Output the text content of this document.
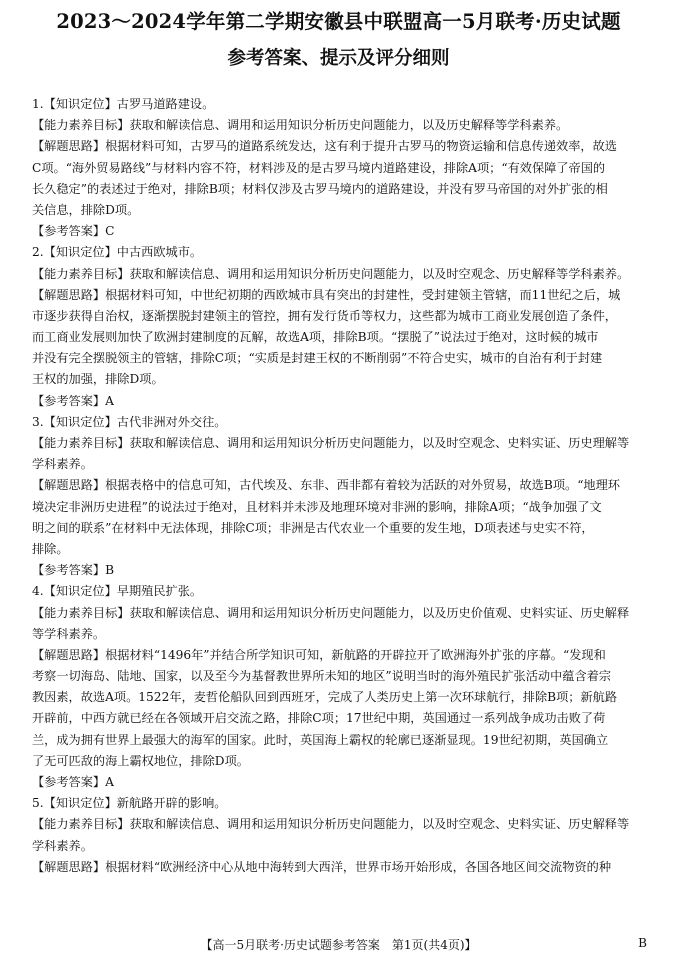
2023～2024学年第二学期安徽县中联盟高一5月联考·历史试题
参考答案、提示及评分细则
1.【知识定位】古罗马道路建设。
【能力素养目标】获取和解读信息、调用和运用知识分析历史问题能力，以及历史解释等学科素养。
【解题思路】根据材料可知，古罗马的道路系统发达，这有利于提升古罗马的物资运输和信息传递效率，故选
C项。“海外贸易路线”与材料内容不符，材料涉及的是古罗马境内道路建设，排除A项；“有效保障了帝国的
长久稳定”的表述过于绝对，排除B项；材料仅涉及古罗马境内的道路建设，并没有罗马帝国的对外扩张的相
关信息，排除D项。
【参考答案】C
2.【知识定位】中古西欧城市。
【能力素养目标】获取和解读信息、调用和运用知识分析历史问题能力，以及时空观念、历史解释等学科素养。
【解题思路】根据材料可知，中世纪初期的西欧城市具有突出的封建性，受封建领主管辖，而11世纪之后，城
市逐步获得自治权，逐渐摆脱封建领主的管控，拥有发行货币等权力，这些都为城市工商业发展创造了条件，
而工商业发展则加快了欧洲封建制度的瓦解，故选A项，排除B项。“摆脱了”说法过于绝对，这时候的城市
并没有完全摆脱领主的管辖，排除C项；“实质是封建王权的不断削弱”不符合史实，城市的自治有利于封建
王权的加强，排除D项。
【参考答案】A
3.【知识定位】古代非洲对外交往。
【能力素养目标】获取和解读信息、调用和运用知识分析历史问题能力，以及时空观念、史料实证、历史理解等
学科素养。
【解题思路】根据表格中的信息可知，古代埃及、东非、西非都有着较为活跃的对外贸易，故选B项。“地理环
境决定非洲历史进程”的说法过于绝对，且材料并未涉及地理环境对非洲的影响，排除A项；“战争加强了文
明之间的联系”在材料中无法体现，排除C项；非洲是古代农业一个重要的发生地，D项表述与史实不符，
排除。
【参考答案】B
4.【知识定位】早期殖民扩张。
【能力素养目标】获取和解读信息、调用和运用知识分析历史问题能力，以及历史价值观、史料实证、历史解释
等学科素养。
【解题思路】根据材料“1496年”并结合所学知识可知，新航路的开辟拉开了欧洲海外扩张的序幕。“发现和
考察一切海岛、陆地、国家，以及至今为基督教世界所未知的地区”说明当时的海外殖民扩张活动中蕴含着宗
教因素，故选A项。1522年，麦哲伦船队回到西班牙，完成了人类历史上第一次环球航行，排除B项；新航路
开辟前，中西方就已经在各领域开启交流之路，排除C项；17世纪中期，英国通过一系列战争成功击败了荷
兰，成为拥有世界上最强大的海军的国家。此时，英国海上霸权的轮廓已逐渐显现。19世纪初期，英国确立
了无可匹敌的海上霸权地位，排除D项。
【参考答案】A
5.【知识定位】新航路开辟的影响。
【能力素养目标】获取和解读信息、调用和运用知识分析历史问题能力，以及时空观念、史料实证、历史解释等
学科素养。
【解题思路】根据材料“欧洲经济中心从地中海转到大西洋，世界市场开始形成，各国各地区间交流物资的种
【高一5月联考·历史试题参考答案　第1页(共4页)】	B
